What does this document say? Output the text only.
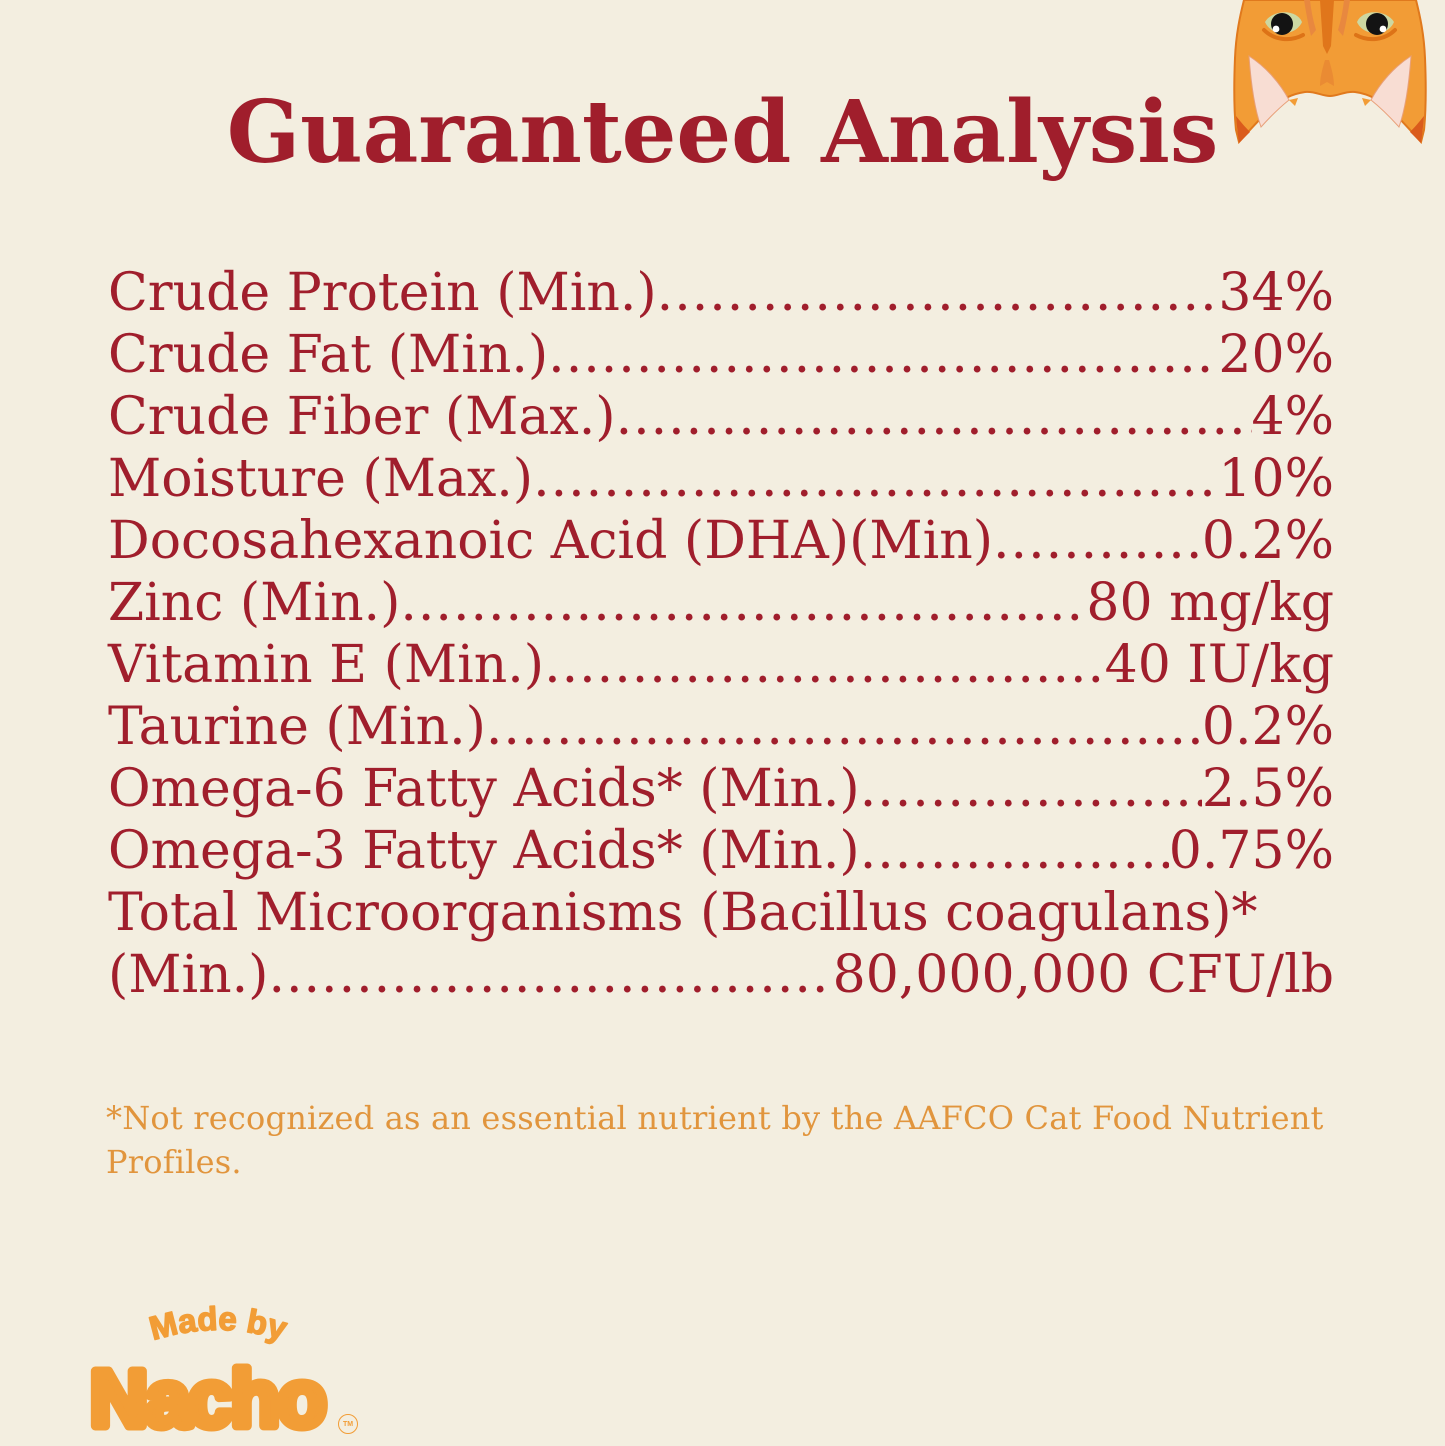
Guaranteed Analysis
Crude Protein (Min.) .....	34%
Crude Fat (Min.) .....	20%
Crude Fiber (Max.) .....	4%
Moisture (Max.) .....	10%
Docosahexanoic Acid (DHA)(Min) .....	0.2%
Zinc (Min.) .....	80 mg/kg
Vitamin E (Min.) .....	40 IU/kg
Taurine (Min.) .....	0.2%
Omega-6 Fatty Acids* (Min.) .....	2.5%
Omega-3 Fatty Acids* (Min.) .....	0.75%
Total Microorganisms (Bacillus coagulans)*
(Min.) .....	80,000,000 CFU/lb

*Not recognized as an essential nutrient by the AAFCO Cat Food Nutrient Profiles.

Made by
Nacho	TM
